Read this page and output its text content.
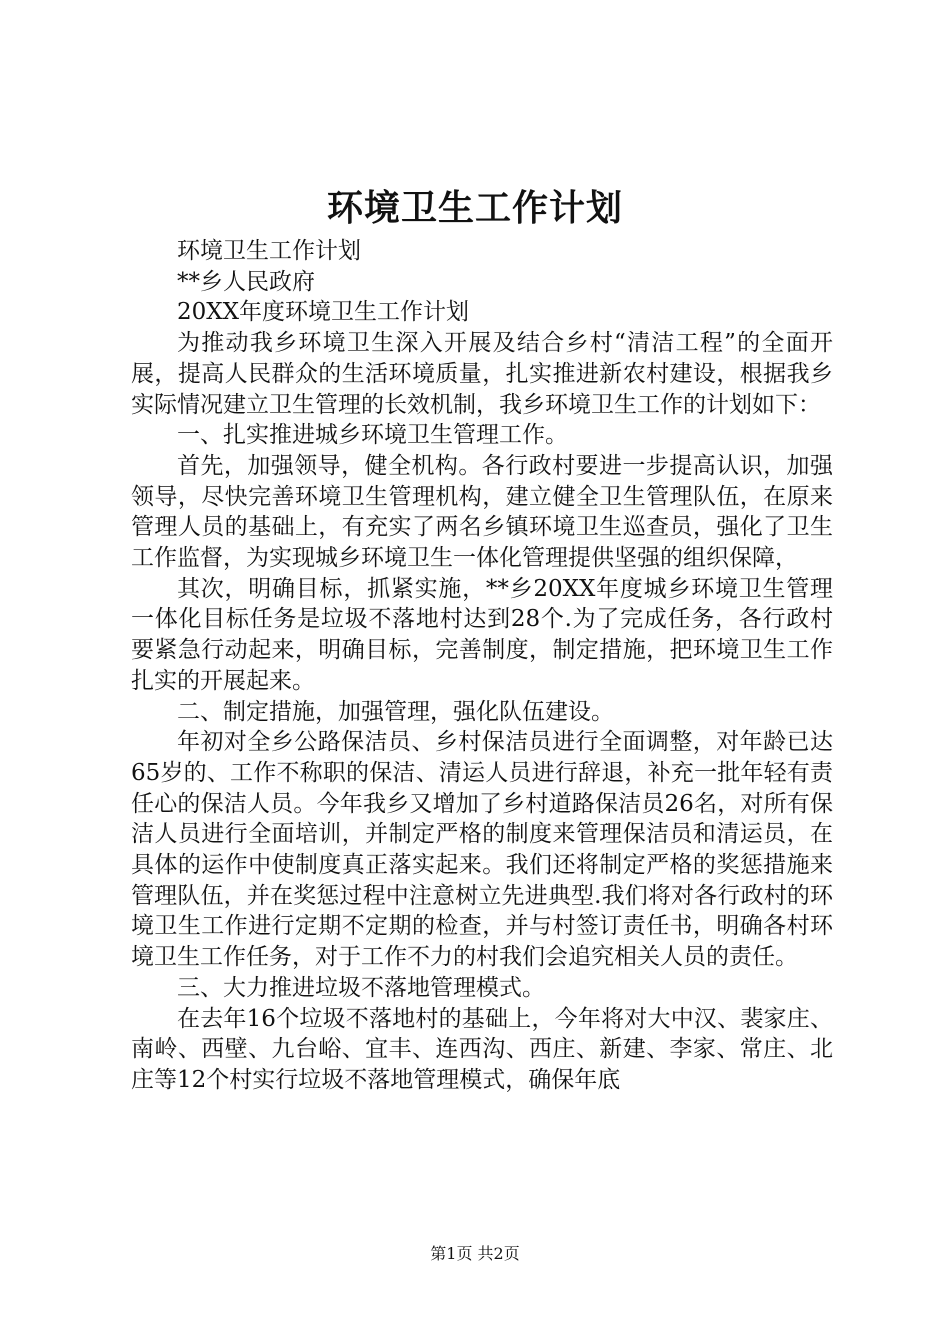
环境卫生工作计划

环境卫生工作计划

**乡人民政府

20XX年度环境卫生工作计划

为推动我乡环境卫生深入开展及结合乡村“清洁工程”的全面开展，提高人民群众的生活环境质量，扎实推进新农村建设，根据我乡实际情况建立卫生管理的长效机制，我乡环境卫生工作的计划如下：

一、扎实推进城乡环境卫生管理工作。

首先，加强领导，健全机构。各行政村要进一步提高认识，加强领导，尽快完善环境卫生管理机构，建立健全卫生管理队伍，在原来管理人员的基础上，有充实了两名乡镇环境卫生巡查员，强化了卫生工作监督，为实现城乡环境卫生一体化管理提供坚强的组织保障，

其次，明确目标，抓紧实施，**乡20XX年度城乡环境卫生管理一体化目标任务是垃圾不落地村达到28个.为了完成任务，各行政村要紧急行动起来，明确目标，完善制度，制定措施，把环境卫生工作扎实的开展起来。

二、制定措施，加强管理，强化队伍建设。

年初对全乡公路保洁员、乡村保洁员进行全面调整，对年龄已达65岁的、工作不称职的保洁、清运人员进行辞退，补充一批年轻有责任心的保洁人员。今年我乡又增加了乡村道路保洁员26名，对所有保洁人员进行全面培训，并制定严格的制度来管理保洁员和清运员，在具体的运作中使制度真正落实起来。我们还将制定严格的奖惩措施来管理队伍，并在奖惩过程中注意树立先进典型.我们将对各行政村的环境卫生工作进行定期不定期的检查，并与村签订责任书，明确各村环境卫生工作任务，对于工作不力的村我们会追究相关人员的责任。

三、大力推进垃圾不落地管理模式。

在去年16个垃圾不落地村的基础上，今年将对大中汉、裴家庄、南岭、西壁、九台峪、宜丰、连西沟、西庄、新建、李家、常庄、北庄等12个村实行垃圾不落地管理模式，确保年底

第1页 共2页
